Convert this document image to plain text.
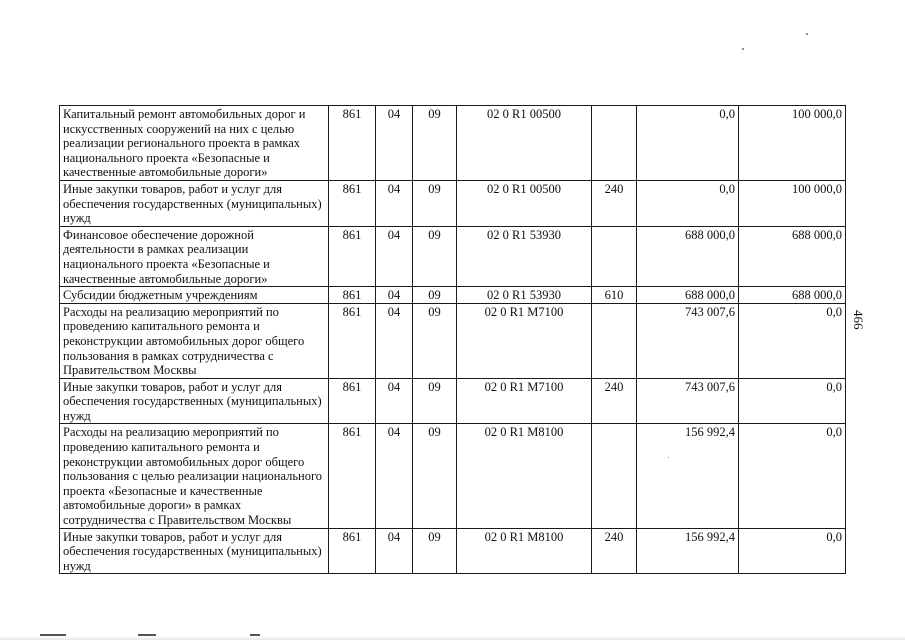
Капитальный ремонт автомобильных дорог и искусственных сооружений на них с целью реализации регионального проекта в рамках национального проекта «Безопасные и качественные автомобильные дороги»	861	04	09	02 0 R1 00500		0,0	100 000,0
Иные закупки товаров, работ и услуг для обеспечения государственных (муниципальных) нужд	861	04	09	02 0 R1 00500	240	0,0	100 000,0
Финансовое обеспечение дорожной деятельности в рамках реализации национального проекта «Безопасные и качественные автомобильные дороги»	861	04	09	02 0 R1 53930		688 000,0	688 000,0
Субсидии бюджетным учреждениям	861	04	09	02 0 R1 53930	610	688 000,0	688 000,0
Расходы на реализацию мероприятий по проведению капитального ремонта и реконструкции автомобильных дорог общего пользования в рамках сотрудничества с Правительством Москвы	861	04	09	02 0 R1 M7100		743 007,6	0,0
Иные закупки товаров, работ и услуг для обеспечения государственных (муниципальных) нужд	861	04	09	02 0 R1 M7100	240	743 007,6	0,0
Расходы на реализацию мероприятий по проведению капитального ремонта и реконструкции автомобильных дорог общего пользования с целью реализации национального проекта «Безопасные и качественные автомобильные дороги» в рамках сотрудничества с Правительством Москвы	861	04	09	02 0 R1 M8100		156 992,4	0,0
Иные закупки товаров, работ и услуг для обеспечения государственных (муниципальных) нужд	861	04	09	02 0 R1 M8100	240	156 992,4	0,0
466
